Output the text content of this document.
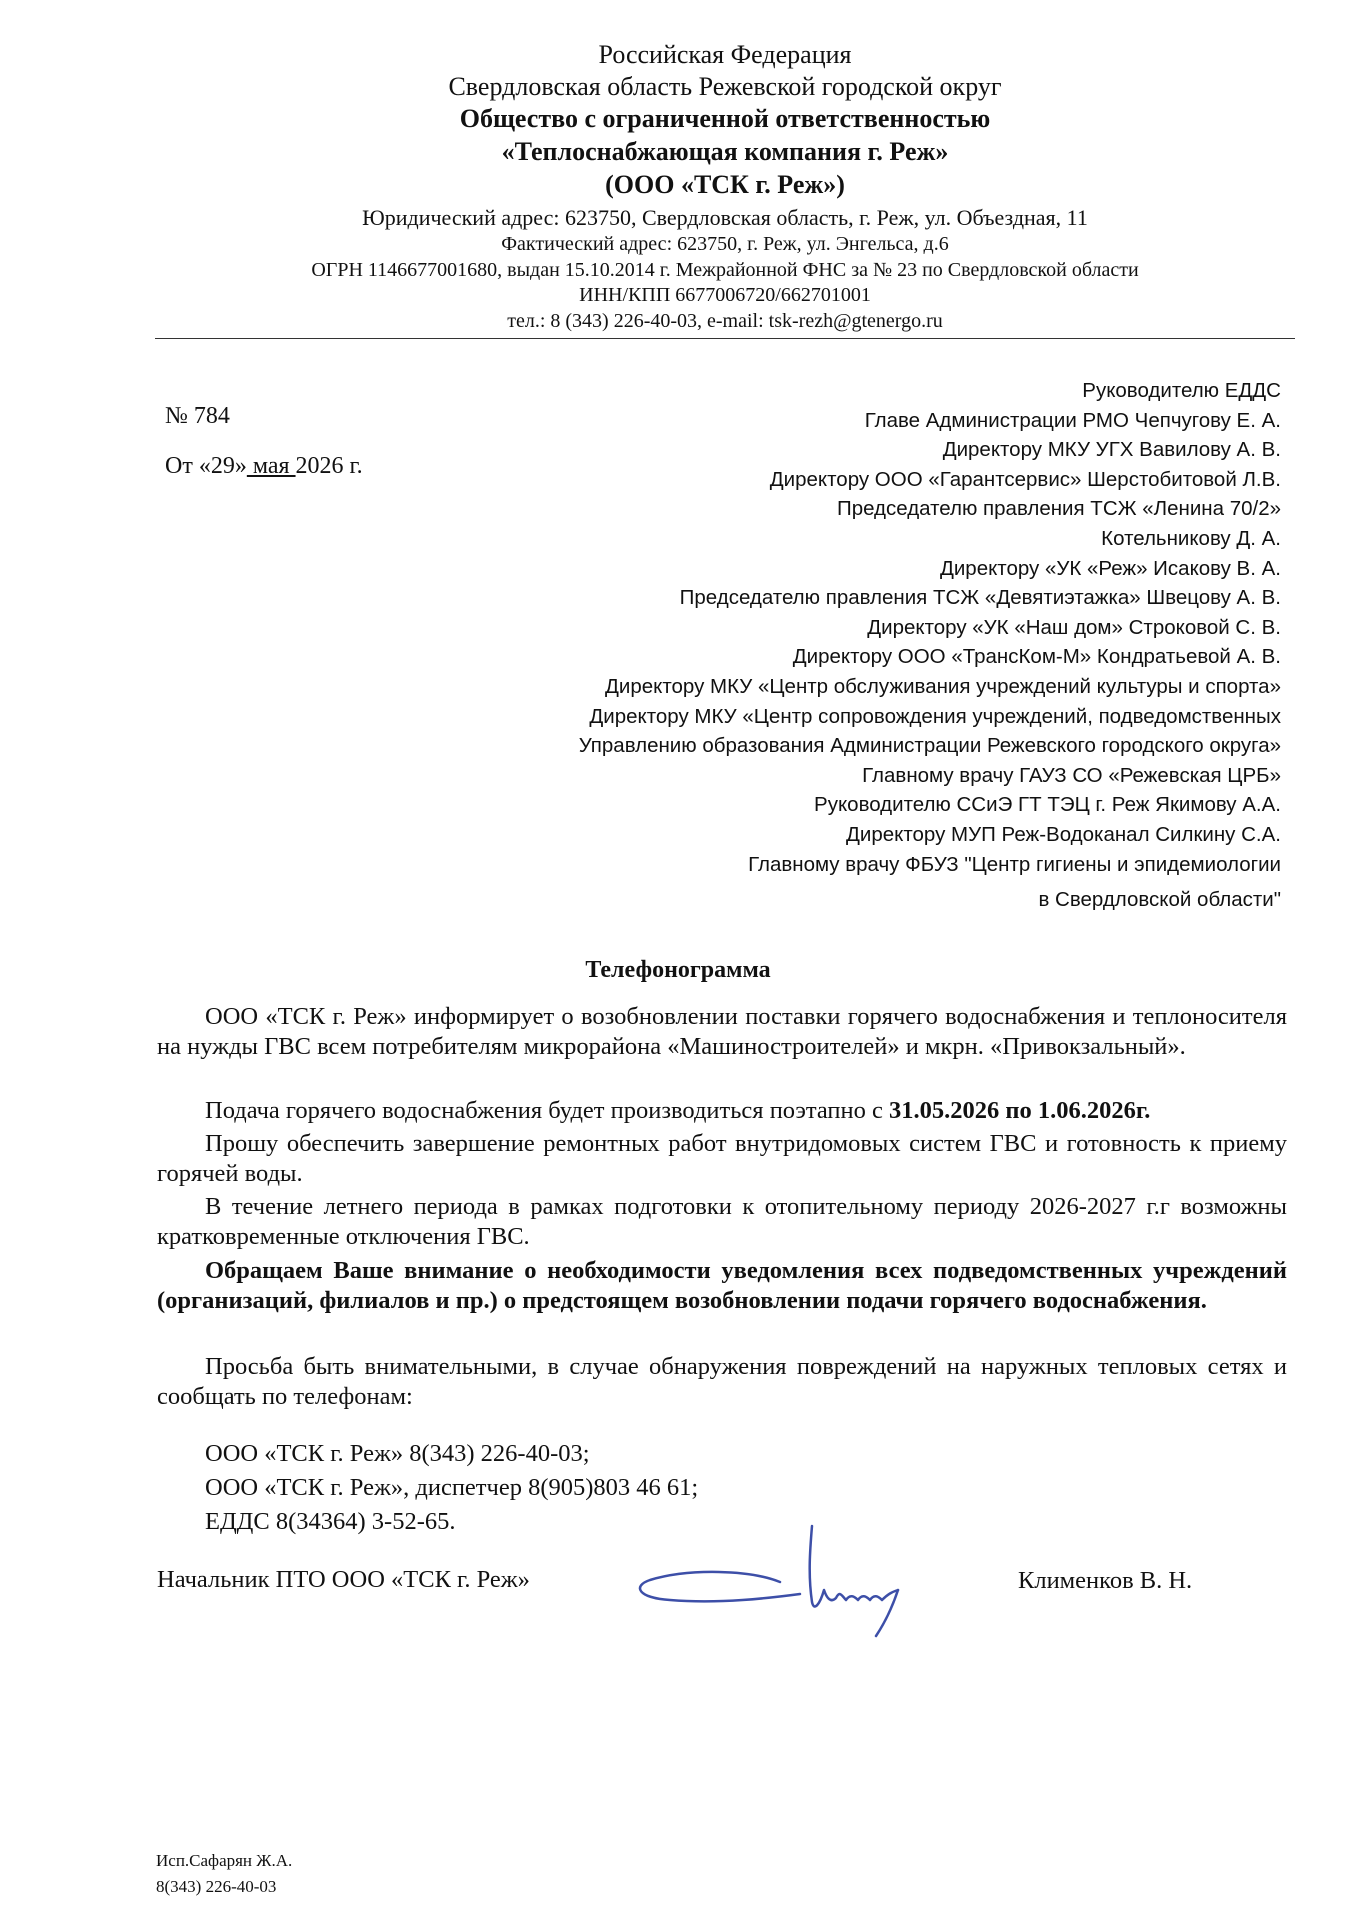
Российская Федерация
Свердловская область Режевской городской округ
Общество с ограниченной ответственностью
«Теплоснабжающая компания г. Реж»
(ООО «ТСК г. Реж»)
Юридический адрес: 623750, Свердловская область, г. Реж, ул. Объездная, 11
Фактический адрес: 623750, г. Реж, ул. Энгельса, д.6
ОГРН 1146677001680, выдан 15.10.2014 г. Межрайонной ФНС за № 23 по Свердловской области
ИНН/КПП 6677006720/662701001
тел.: 8 (343) 226-40-03, e-mail: tsk-rezh@gtenergo.ru
№ 784
От «29» мая 2026 г.
Руководителю ЕДДС
Главе Администрации РМО Чепчугову Е. А.
Директору МКУ УГХ Вавилову А. В.
Директору ООО «Гарантсервис» Шерстобитовой Л.В.
Председателю правления ТСЖ «Ленина 70/2»
Котельникову Д. А.
Директору «УК «Реж» Исакову В. А.
Председателю правления ТСЖ «Девятиэтажка» Швецову А. В.
Директору «УК «Наш дом» Строковой С. В.
Директору ООО «ТрансКом-М» Кондратьевой А. В.
Директору МКУ «Центр обслуживания учреждений культуры и спорта»
Директору МКУ «Центр сопровождения учреждений, подведомственных
Управлению образования Администрации Режевского городского округа»
Главному врачу ГАУЗ СО «Режевская ЦРБ»
Руководителю ССиЭ ГТ ТЭЦ г. Реж Якимову А.А.
Директору МУП Реж-Водоканал Силкину С.А.
Главному врачу ФБУЗ "Центр гигиены и эпидемиологии
в Свердловской области"
Телефонограмма
ООО «ТСК г. Реж» информирует о возобновлении поставки горячего водоснабжения и теплоносителя на нужды ГВС всем потребителям микрорайона «Машиностроителей» и мкрн. «Привокзальный».
Подача горячего водоснабжения будет производиться поэтапно с 31.05.2026 по 1.06.2026г.
Прошу обеспечить завершение ремонтных работ внутридомовых систем ГВС и готовность к приему горячей воды.
В течение летнего периода в рамках подготовки к отопительному периоду 2026-2027 г.г возможны кратковременные отключения ГВС.
Обращаем Ваше внимание о необходимости уведомления всех подведомственных учреждений (организаций, филиалов и пр.) о предстоящем возобновлении подачи горячего водоснабжения.
Просьба быть внимательными, в случае обнаружения повреждений на наружных тепловых сетях и сообщать по телефонам:
ООО «ТСК г. Реж» 8(343) 226-40-03;
ООО «ТСК г. Реж», диспетчер 8(905)803 46 61;
ЕДДС 8(34364) 3-52-65.
Начальник ПТО ООО «ТСК г. Реж»	Клименков В. Н.
Исп.Сафарян Ж.А.
8(343) 226-40-03
